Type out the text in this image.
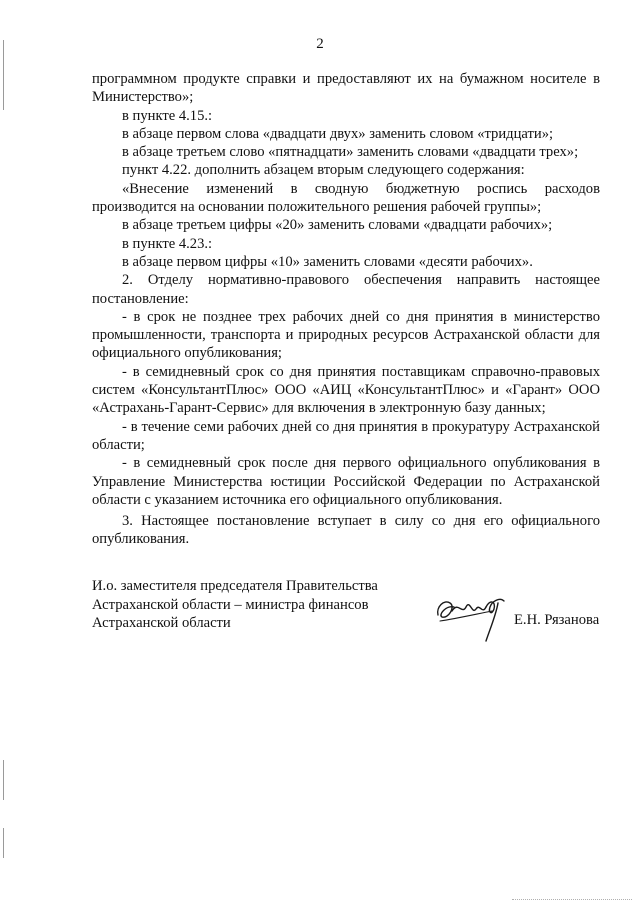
2

программном продукте справки и предоставляют их на бумажном носителе в Министерство»;

в пункте 4.15.:

в абзаце первом слова «двадцати двух» заменить словом «тридцати»;

в абзаце третьем слово «пятнадцати» заменить словами «двадцати трех»;

пункт 4.22. дополнить абзацем вторым следующего содержания:

«Внесение изменений в сводную бюджетную роспись расходов производится на основании положительного решения рабочей группы»;

в абзаце третьем цифры «20» заменить словами «двадцати рабочих»;

в пункте 4.23.:

в абзаце первом цифры «10» заменить словами «десяти рабочих».

2. Отделу нормативно-правового обеспечения направить настоящее постановление:

- в срок не позднее трех рабочих дней со дня принятия в министерство промышленности, транспорта и природных ресурсов Астраханской области для официального опубликования;

- в семидневный срок со дня принятия поставщикам справочно-правовых систем «КонсультантПлюс» ООО «АИЦ «КонсультантПлюс» и «Гарант» ООО «Астрахань-Гарант-Сервис» для включения в электронную базу данных;

- в течение семи рабочих дней со дня принятия в прокуратуру Астраханской области;

- в семидневный срок после дня первого официального опубликования в Управление Министерства юстиции Российской Федерации по Астраханской области с указанием источника его официального опубликования.

3. Настоящее постановление вступает в силу со дня его официального опубликования.

И.о. заместителя председателя Правительства

Астраханской области – министра финансов

Астраханской области	Е.Н. Рязанова
